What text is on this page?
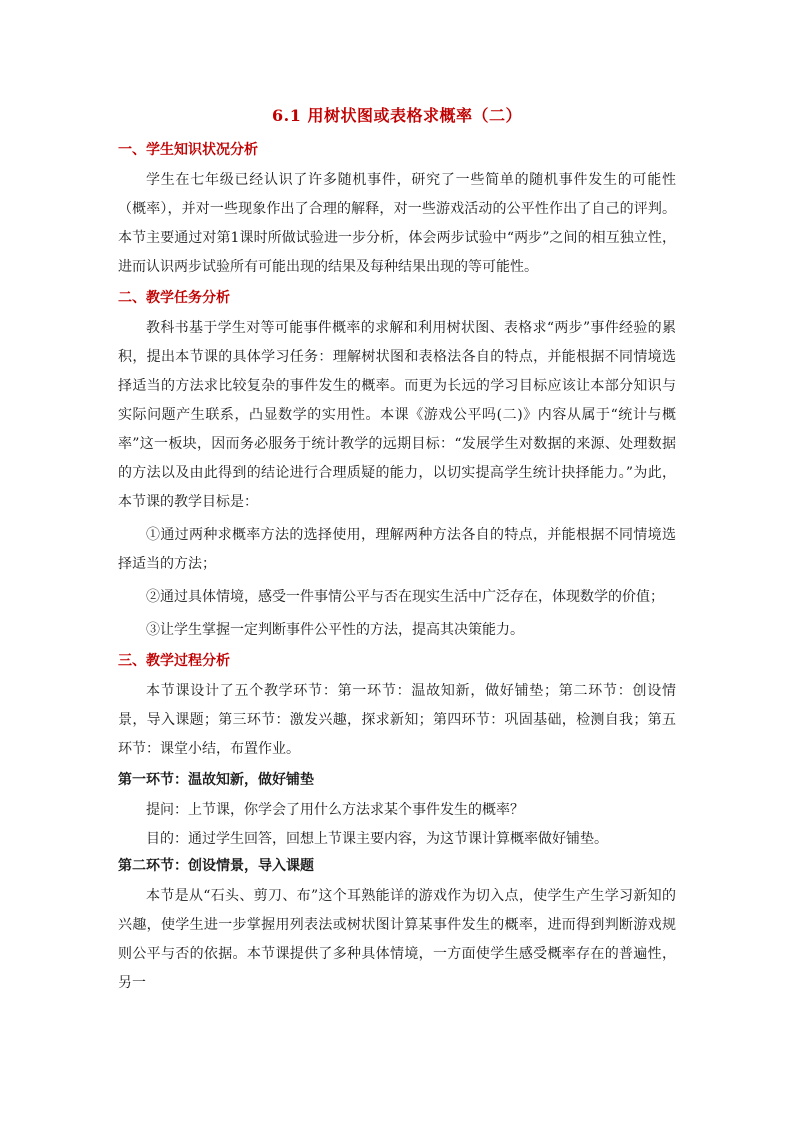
6.1 用树状图或表格求概率（二）
一、学生知识状况分析

学生在七年级已经认识了许多随机事件，研究了一些简单的随机事件发生的可能性（概率），并对一些现象作出了合理的解释，对一些游戏活动的公平性作出了自己的评判。本节主要通过对第1课时所做试验进一步分析，体会两步试验中“两步”之间的相互独立性，进而认识两步试验所有可能出现的结果及每种结果出现的等可能性。

二、教学任务分析

教科书基于学生对等可能事件概率的求解和利用树状图、表格求“两步”事件经验的累积，提出本节课的具体学习任务：理解树状图和表格法各自的特点，并能根据不同情境选择适当的方法求比较复杂的事件发生的概率。而更为长远的学习目标应该让本部分知识与实际问题产生联系，凸显数学的实用性。本课《游戏公平吗(二)》内容从属于“统计与概率”这一板块，因而务必服务于统计教学的远期目标：“发展学生对数据的来源、处理数据的方法以及由此得到的结论进行合理质疑的能力，以切实提高学生统计抉择能力。”为此，本节课的教学目标是：

①通过两种求概率方法的选择使用，理解两种方法各自的特点，并能根据不同情境选择适当的方法；

②通过具体情境，感受一件事情公平与否在现实生活中广泛存在，体现数学的价值；

③让学生掌握一定判断事件公平性的方法，提高其决策能力。

三、教学过程分析

本节课设计了五个教学环节：第一环节：温故知新，做好铺垫；第二环节：创设情景，导入课题；第三环节：激发兴趣，探求新知；第四环节：巩固基础，检测自我；第五环节：课堂小结，布置作业。

第一环节：温故知新，做好铺垫

提问：上节课，你学会了用什么方法求某个事件发生的概率？

目的：通过学生回答，回想上节课主要内容，为这节课计算概率做好铺垫。

第二环节：创设情景，导入课题

本节是从“石头、剪刀、布”这个耳熟能详的游戏作为切入点，使学生产生学习新知的兴趣，使学生进一步掌握用列表法或树状图计算某事件发生的概率，进而得到判断游戏规则公平与否的依据。本节课提供了多种具体情境，一方面使学生感受概率存在的普遍性，另一
